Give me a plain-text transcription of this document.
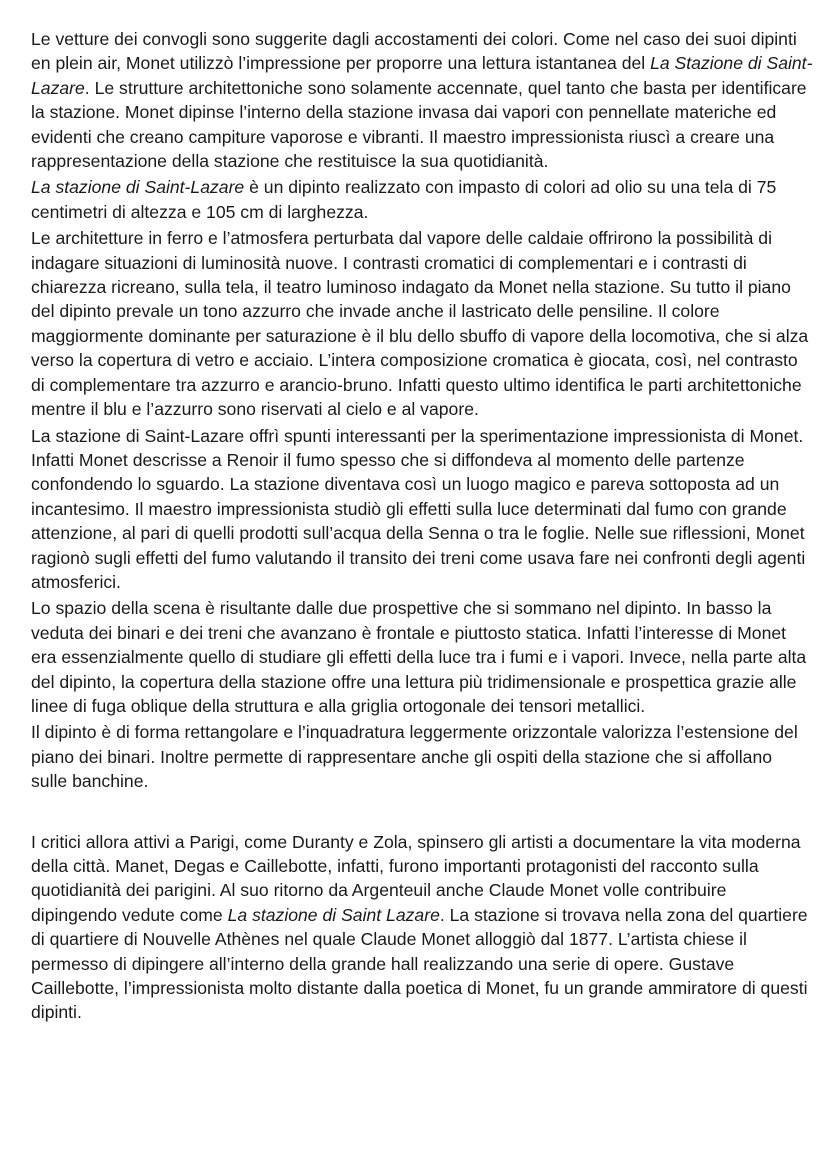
Le vetture dei convogli sono suggerite dagli accostamenti dei colori. Come nel caso dei suoi dipinti en plein air, Monet utilizzò l’impressione per proporre una lettura istantanea del La Stazione di Saint-Lazare. Le strutture architettoniche sono solamente accennate, quel tanto che basta per identificare la stazione. Monet dipinse l’interno della stazione invasa dai vapori con pennellate materiche ed evidenti che creano campiture vaporose e vibranti. Il maestro impressionista riuscì a creare una rappresentazione della stazione che restituisce la sua quotidianità.

La stazione di Saint-Lazare è un dipinto realizzato con impasto di colori ad olio su una tela di 75 centimetri di altezza e 105 cm di larghezza.

Le architetture in ferro e l’atmosfera perturbata dal vapore delle caldaie offrirono la possibilità di indagare situazioni di luminosità nuove. I contrasti cromatici di complementari e i contrasti di chiarezza ricreano, sulla tela, il teatro luminoso indagato da Monet nella stazione. Su tutto il piano del dipinto prevale un tono azzurro che invade anche il lastricato delle pensiline. Il colore maggiormente dominante per saturazione è il blu dello sbuffo di vapore della locomotiva, che si alza verso la copertura di vetro e acciaio. L’intera composizione cromatica è giocata, così, nel contrasto di complementare tra azzurro e arancio-bruno. Infatti questo ultimo identifica le parti architettoniche mentre il blu e l’azzurro sono riservati al cielo e al vapore.

La stazione di Saint-Lazare offrì spunti interessanti per la sperimentazione impressionista di Monet. Infatti Monet descrisse a Renoir il fumo spesso che si diffondeva al momento delle partenze confondendo lo sguardo. La stazione diventava così un luogo magico e pareva sottoposta ad un incantesimo. Il maestro impressionista studiò gli effetti sulla luce determinati dal fumo con grande attenzione, al pari di quelli prodotti sull’acqua della Senna o tra le foglie. Nelle sue riflessioni, Monet ragionò sugli effetti del fumo valutando il transito dei treni come usava fare nei confronti degli agenti atmosferici.

Lo spazio della scena è risultante dalle due prospettive che si sommano nel dipinto. In basso la veduta dei binari e dei treni che avanzano è frontale e piuttosto statica. Infatti l’interesse di Monet era essenzialmente quello di studiare gli effetti della luce tra i fumi e i vapori. Invece, nella parte alta del dipinto, la copertura della stazione offre una lettura più tridimensionale e prospettica grazie alle linee di fuga oblique della struttura e alla griglia ortogonale dei tensori metallici.

Il dipinto è di forma rettangolare e l’inquadratura leggermente orizzontale valorizza l’estensione del piano dei binari. Inoltre permette di rappresentare anche gli ospiti della stazione che si affollano sulle banchine.

I critici allora attivi a Parigi, come Duranty e Zola, spinsero gli artisti a documentare la vita moderna della città. Manet, Degas e Caillebotte, infatti, furono importanti protagonisti del racconto sulla quotidianità dei parigini. Al suo ritorno da Argenteuil anche Claude Monet volle contribuire dipingendo vedute come La stazione di Saint Lazare. La stazione si trovava nella zona del quartiere di quartiere di Nouvelle Athènes nel quale Claude Monet alloggiò dal 1877. L’artista chiese il permesso di dipingere all’interno della grande hall realizzando una serie di opere. Gustave Caillebotte, l’impressionista molto distante dalla poetica di Monet, fu un grande ammiratore di questi dipinti.
